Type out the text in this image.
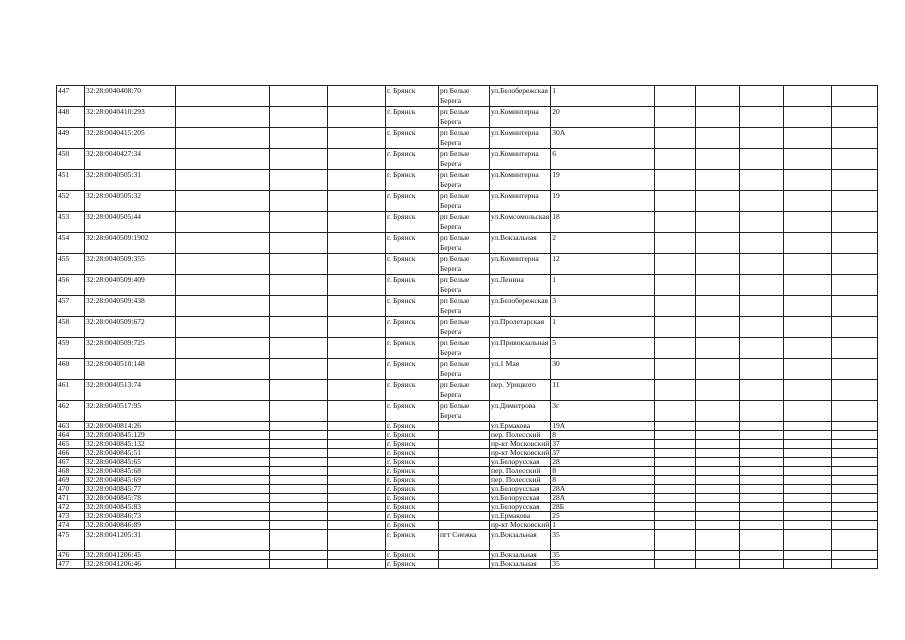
447	32:28:0040408:70				г. Брянск	рп Белые Берега	ул.Белобережская	1					
448	32:28:0040410:293				г. Брянск	рп Белые Берега	ул.Коминтерна	20					
449	32:28:0040415:205				г. Брянск	рп Белые Берега	ул.Коминтерна	30А					
450	32:28:0040427:34				г. Брянск	рп Белые Берега	ул.Коминтерна	6					
451	32:28:0040505:31				г. Брянск	рп Белые Берега	ул.Коминтерна	19					
452	32:28:0040505:32				г. Брянск	рп Белые Берега	ул.Коминтерна	19					
453	32:28:0040505:44				г. Брянск	рп Белые Берега	ул.Комсомольская	18					
454	32:28:0040509:1902				г. Брянск	рп Белые Берега	ул.Вокзальная	2					
455	32:28:0040509:355				г. Брянск	рп Белые Берега	ул.Коминтерна	12					
456	32:28:0040509:409				г. Брянск	рп Белые Берега	ул.Ленина	1					
457	32:28:0040509:438				г. Брянск	рп Белые Берега	ул.Белобережская	3					
458	32:28:0040509:672				г. Брянск	рп Белые Берега	ул.Пролетарская	1					
459	32:28:0040509:725				г. Брянск	рп Белые Берега	ул.Привокзальная	5					
460	32:28:0040510:148				г. Брянск	рп Белые Берега	ул.1 Мая	30					
461	32:28:0040513:74				г. Брянск	рп Белые Берега	пер. Урицкого	11					
462	32:28:0040517:95				г. Брянск	рп Белые Берега	ул.Димитрова	3г					
463	32:28:0040814:26				г. Брянск		ул.Ермакова	19А					
464	32:28:0040845:129				г. Брянск		пер. Полесский	8					
465	32:28:0040845:132				г. Брянск		пр-кт Московский	37					
466	32:28:0040845:51				г. Брянск		пр-кт Московский	37					
467	32:28:0040845:65				г. Брянск		ул.Белорусская	28					
468	32:28:0040845:68				г. Брянск		пер. Полесский	8					
469	32:28:0040845:69				г. Брянск		пер. Полесский	8					
470	32:28:0040845:77				г. Брянск		ул.Белорусская	28А					
471	32:28:0040845:78				г. Брянск		ул.Белорусская	28А					
472	32:28:0040845:83				г. Брянск		ул.Белорусская	28Б					
473	32:28:0040846:73				г. Брянск		ул.Ермакова	25					
474	32:28:0040846:89				г. Брянск		пр-кт Московский	1					
475	32:28:0041205:31				г. Брянск	пгт Снежка	ул.Вокзальная	35					
476	32:28:0041206:45				г. Брянск		ул.Вокзальная	35					
477	32:28:0041206:46				г. Брянск		ул.Вокзальная	35					
